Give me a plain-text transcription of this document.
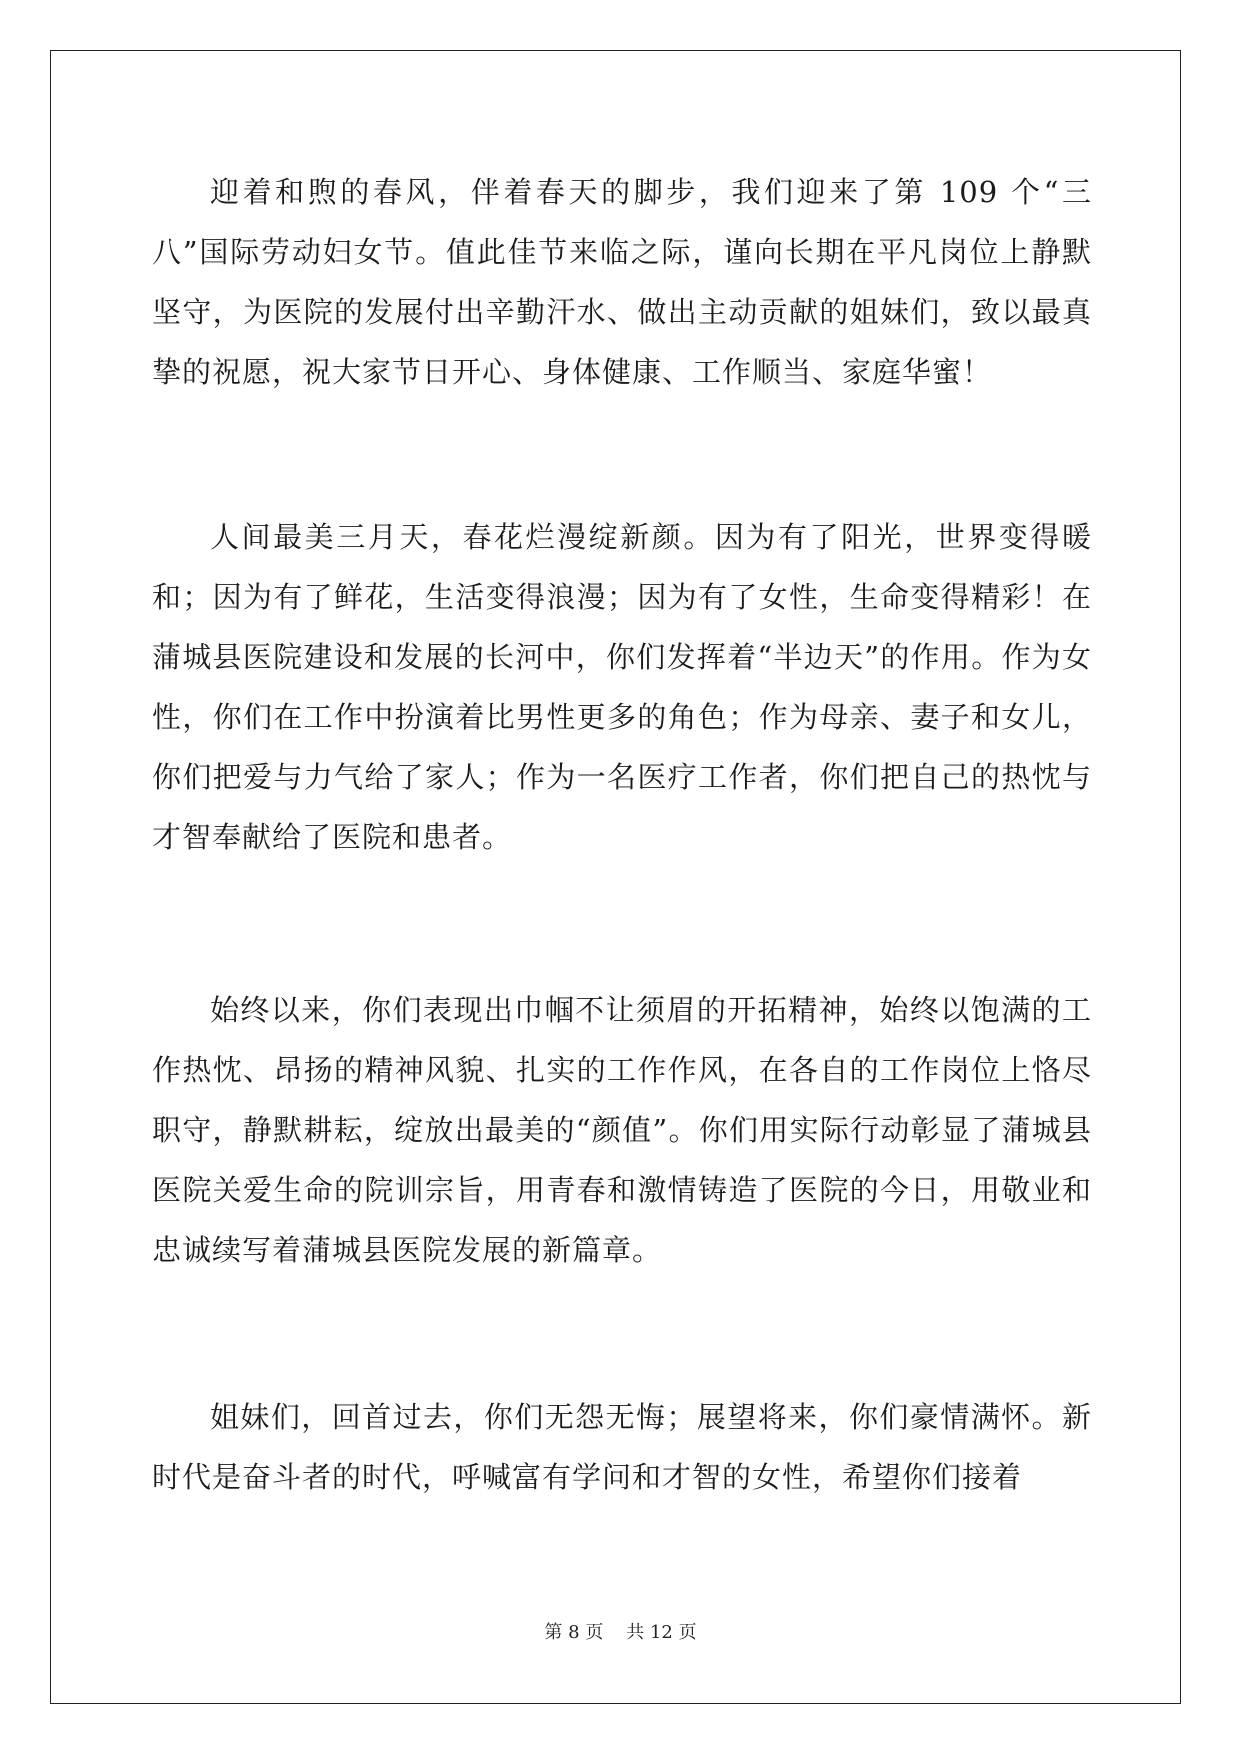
迎着和煦的春风，伴着春天的脚步，我们迎来了第 109 个“三八”国际劳动妇女节。值此佳节来临之际，谨向长期在平凡岗位上静默坚守，为医院的发展付出辛勤汗水、做出主动贡献的姐妹们，致以最真挚的祝愿，祝大家节日开心、身体健康、工作顺当、家庭华蜜！

人间最美三月天，春花烂漫绽新颜。因为有了阳光，世界变得暖和；因为有了鲜花，生活变得浪漫；因为有了女性，生命变得精彩！在蒲城县医院建设和发展的长河中，你们发挥着“半边天”的作用。作为女性，你们在工作中扮演着比男性更多的角色；作为母亲、妻子和女儿，你们把爱与力气给了家人；作为一名医疗工作者，你们把自己的热忱与才智奉献给了医院和患者。

始终以来，你们表现出巾帼不让须眉的开拓精神，始终以饱满的工作热忱、昂扬的精神风貌、扎实的工作作风，在各自的工作岗位上恪尽职守，静默耕耘，绽放出最美的“颜值”。你们用实际行动彰显了蒲城县医院关爱生命的院训宗旨，用青春和激情铸造了医院的今日，用敬业和忠诚续写着蒲城县医院发展的新篇章。

姐妹们，回首过去，你们无怨无悔；展望将来，你们豪情满怀。新时代是奋斗者的时代，呼喊富有学问和才智的女性，希望你们接着

第 8 页 共 12 页
